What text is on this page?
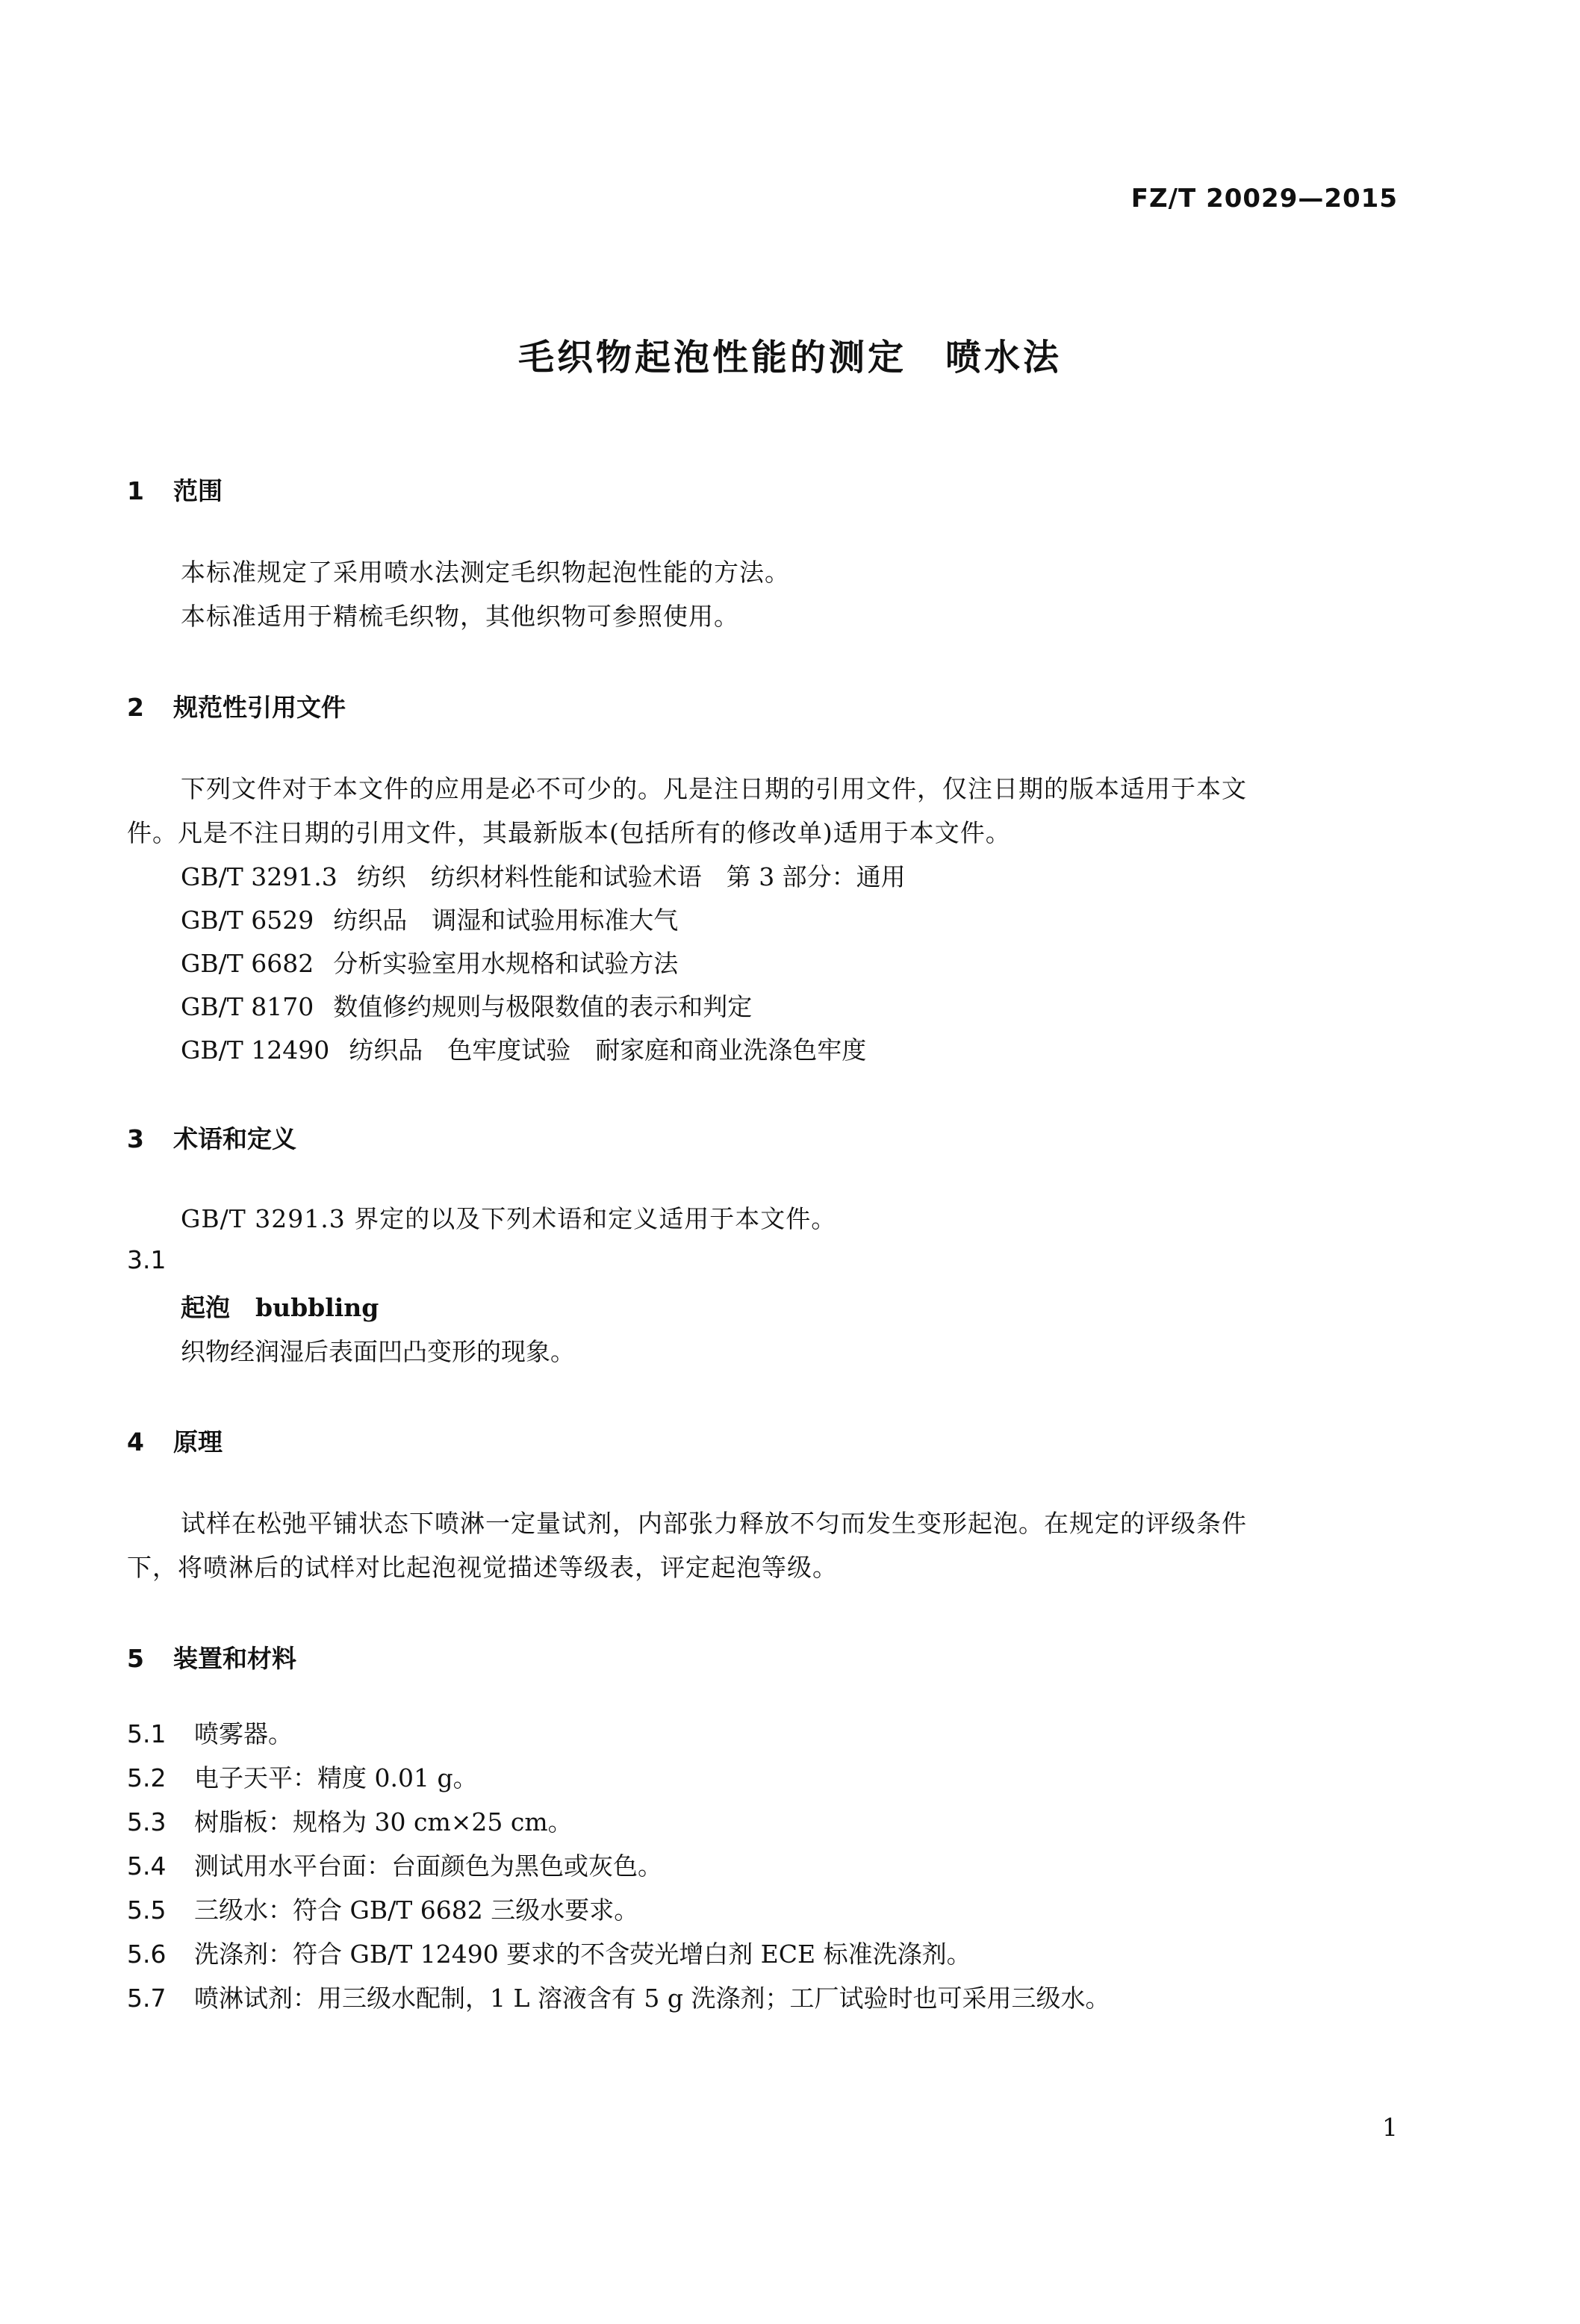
FZ/T 20029—2015
毛织物起泡性能的测定　喷水法
1 范围
本标准规定了采用喷水法测定毛织物起泡性能的方法。
本标准适用于精梳毛织物，其他织物可参照使用。
2 规范性引用文件
下列文件对于本文件的应用是必不可少的。凡是注日期的引用文件，仅注日期的版本适用于本文
件。凡是不注日期的引用文件，其最新版本(包括所有的修改单)适用于本文件。
GB/T 3291.3 纺织　纺织材料性能和试验术语　第 3 部分：通用
GB/T 6529 纺织品　调湿和试验用标准大气
GB/T 6682 分析实验室用水规格和试验方法
GB/T 8170 数值修约规则与极限数值的表示和判定
GB/T 12490 纺织品　色牢度试验　耐家庭和商业洗涤色牢度
3 术语和定义
GB/T 3291.3 界定的以及下列术语和定义适用于本文件。
3.1
起泡 bubbling
织物经润湿后表面凹凸变形的现象。
4 原理
试样在松弛平铺状态下喷淋一定量试剂，内部张力释放不匀而发生变形起泡。在规定的评级条件
下，将喷淋后的试样对比起泡视觉描述等级表，评定起泡等级。
5 装置和材料
5.1 喷雾器。
5.2 电子天平：精度 0.01 g。
5.3 树脂板：规格为 30 cm×25 cm。
5.4 测试用水平台面：台面颜色为黑色或灰色。
5.5 三级水：符合 GB/T 6682 三级水要求。
5.6 洗涤剂：符合 GB/T 12490 要求的不含荧光增白剂 ECE 标准洗涤剂。
5.7 喷淋试剂：用三级水配制，1 L 溶液含有 5 g 洗涤剂；工厂试验时也可采用三级水。
1
